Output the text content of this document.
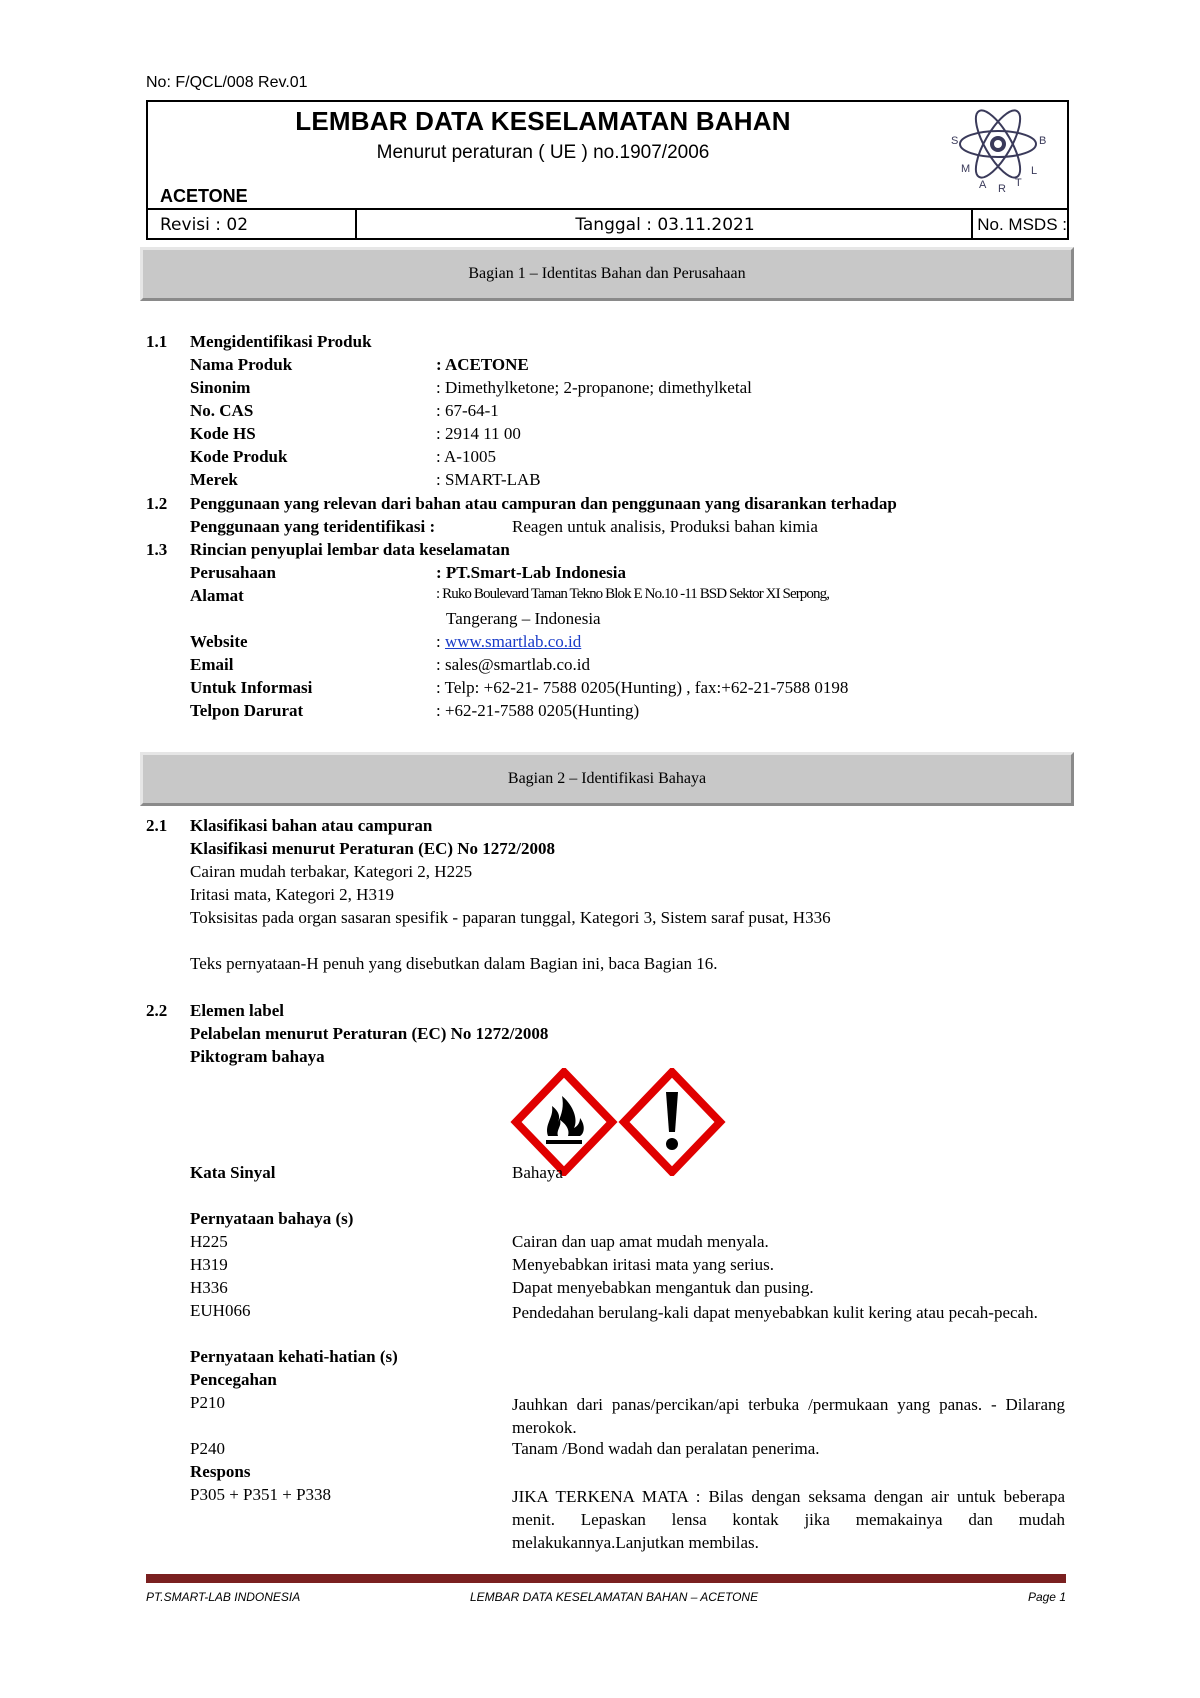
No: F/QCL/008 Rev.01
LEMBAR DATA KESELAMATAN BAHAN
Menurut peraturan ( UE ) no.1907/2006
ACETONE
S
M
A R T
L
B
Revisi : 02	Tanggal : 03.11.2021	No. MSDS :
Bagian 1 – Identitas Bahan dan Perusahaan
1.1 Mengidentifikasi Produk
Nama Produk	: ACETONE
Sinonim	: Dimethylketone; 2-propanone; dimethylketal
No. CAS	: 67-64-1
Kode HS	: 2914 11 00
Kode Produk	: A-1005
Merek	: SMART-LAB
1.2 Penggunaan yang relevan dari bahan atau campuran dan penggunaan yang disarankan terhadap
Penggunaan yang teridentifikasi :	Reagen untuk analisis, Produksi bahan kimia
1.3 Rincian penyuplai lembar data keselamatan
Perusahaan	: PT.Smart-Lab Indonesia
Alamat	: Ruko Boulevard Taman Tekno Blok E No.10 -11 BSD Sektor XI Serpong,
Tangerang – Indonesia
Website	: www.smartlab.co.id
Email	: sales@smartlab.co.id
Untuk Informasi	: Telp: +62-21- 7588 0205(Hunting) , fax:+62-21-7588 0198
Telpon Darurat	: +62-21-7588 0205(Hunting)
Bagian 2 – Identifikasi Bahaya
2.1 Klasifikasi bahan atau campuran
Klasifikasi menurut Peraturan (EC) No 1272/2008
Cairan mudah terbakar, Kategori 2, H225
Iritasi mata, Kategori 2, H319
Toksisitas pada organ sasaran spesifik - paparan tunggal, Kategori 3, Sistem saraf pusat, H336
Teks pernyataan-H penuh yang disebutkan dalam Bagian ini, baca Bagian 16.
2.2 Elemen label
Pelabelan menurut Peraturan (EC) No 1272/2008
Piktogram bahaya
Kata Sinyal	Bahaya
Pernyataan bahaya (s)
H225	Cairan dan uap amat mudah menyala.
H319	Menyebabkan iritasi mata yang serius.
H336	Dapat menyebabkan mengantuk dan pusing.
EUH066	Pendedahan berulang-kali dapat menyebabkan kulit kering atau pecah-pecah.
Pernyataan kehati-hatian (s)
Pencegahan
P210	Jauhkan dari panas/percikan/api terbuka /permukaan yang panas. - Dilarang merokok.
P240	Tanam /Bond wadah dan peralatan penerima.
Respons
P305 + P351 + P338	JIKA TERKENA MATA : Bilas dengan seksama dengan air untuk beberapa menit. Lepaskan lensa kontak jika memakainya dan mudah melakukannya.Lanjutkan membilas.
PT.SMART-LAB INDONESIA	LEMBAR DATA KESELAMATAN BAHAN – ACETONE	Page 1
